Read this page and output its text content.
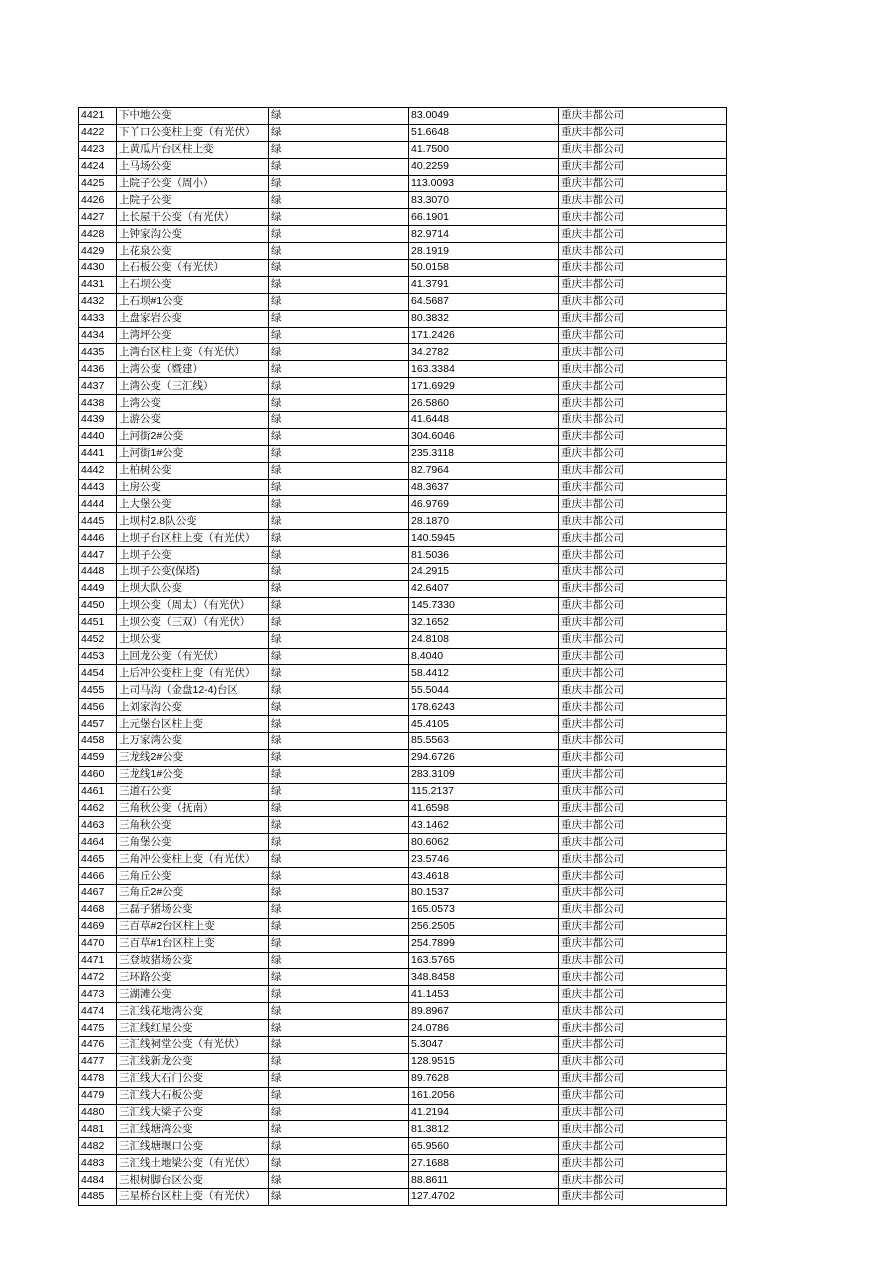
4421	下中地公变	绿	83.0049	重庆丰都公司
4422	下丫口公变柱上变（有光伏）	绿	51.6648	重庆丰都公司
4423	上黄瓜片台区柱上变	绿	41.7500	重庆丰都公司
4424	上马场公变	绿	40.2259	重庆丰都公司
4425	上院子公变（周小）	绿	113.0093	重庆丰都公司
4426	上院子公变	绿	83.3070	重庆丰都公司
4427	上长屋干公变（有光伏）	绿	66.1901	重庆丰都公司
4428	上钟家沟公变	绿	82.9714	重庆丰都公司
4429	上花泉公变	绿	28.1919	重庆丰都公司
4430	上石板公变（有光伏）	绿	50.0158	重庆丰都公司
4431	上石坝公变	绿	41.3791	重庆丰都公司
4432	上石坝#1公变	绿	64.5687	重庆丰都公司
4433	上盘家岩公变	绿	80.3832	重庆丰都公司
4434	上湾坪公变	绿	171.2426	重庆丰都公司
4435	上湾台区柱上变（有光伏）	绿	34.2782	重庆丰都公司
4436	上湾公变（暨建）	绿	163.3384	重庆丰都公司
4437	上湾公变（三汇线）	绿	171.6929	重庆丰都公司
4438	上湾公变	绿	26.5860	重庆丰都公司
4439	上游公变	绿	41.6448	重庆丰都公司
4440	上河街2#公变	绿	304.6046	重庆丰都公司
4441	上河街1#公变	绿	235.3118	重庆丰都公司
4442	上柏树公变	绿	82.7964	重庆丰都公司
4443	上房公变	绿	48.3637	重庆丰都公司
4444	上大堡公变	绿	46.9769	重庆丰都公司
4445	上坝村2.8队公变	绿	28.1870	重庆丰都公司
4446	上坝子台区柱上变（有光伏）	绿	140.5945	重庆丰都公司
4447	上坝子公变	绿	81.5036	重庆丰都公司
4448	上坝子公变(保塔)	绿	24.2915	重庆丰都公司
4449	上坝大队公变	绿	42.6407	重庆丰都公司
4450	上坝公变（周太）（有光伏）	绿	145.7330	重庆丰都公司
4451	上坝公变（三双）（有光伏）	绿	32.1652	重庆丰都公司
4452	上坝公变	绿	24.8108	重庆丰都公司
4453	上回龙公变（有光伏）	绿	8.4040	重庆丰都公司
4454	上后冲公变柱上变（有光伏）	绿	58.4412	重庆丰都公司
4455	上司马沟（金盘12-4)台区	绿	55.5044	重庆丰都公司
4456	上刘家沟公变	绿	178.6243	重庆丰都公司
4457	上元堡台区柱上变	绿	45.4105	重庆丰都公司
4458	上万家湾公变	绿	85.5563	重庆丰都公司
4459	三龙线2#公变	绿	294.6726	重庆丰都公司
4460	三龙线1#公变	绿	283.3109	重庆丰都公司
4461	三道石公变	绿	115.2137	重庆丰都公司
4462	三角秋公变（抚南）	绿	41.6598	重庆丰都公司
4463	三角秋公变	绿	43.1462	重庆丰都公司
4464	三角堡公变	绿	80.6062	重庆丰都公司
4465	三角冲公变柱上变（有光伏）	绿	23.5746	重庆丰都公司
4466	三角丘公变	绿	43.4618	重庆丰都公司
4467	三角丘2#公变	绿	80.1537	重庆丰都公司
4468	三磊子猪场公变	绿	165.0573	重庆丰都公司
4469	三百草#2台区柱上变	绿	256.2505	重庆丰都公司
4470	三百草#1台区柱上变	绿	254.7899	重庆丰都公司
4471	三登坡猪场公变	绿	163.5765	重庆丰都公司
4472	三环路公变	绿	348.8458	重庆丰都公司
4473	三湖滩公变	绿	41.1453	重庆丰都公司
4474	三汇线花地湾公变	绿	89.8967	重庆丰都公司
4475	三汇线红星公变	绿	24.0786	重庆丰都公司
4476	三汇线祠堂公变（有光伏）	绿	5.3047	重庆丰都公司
4477	三汇线新龙公变	绿	128.9515	重庆丰都公司
4478	三汇线大石门公变	绿	89.7628	重庆丰都公司
4479	三汇线大石板公变	绿	161.2056	重庆丰都公司
4480	三汇线大梁子公变	绿	41.2194	重庆丰都公司
4481	三汇线塘湾公变	绿	81.3812	重庆丰都公司
4482	三汇线塘堰口公变	绿	65.9560	重庆丰都公司
4483	三汇线土地梁公变（有光伏）	绿	27.1688	重庆丰都公司
4484	三根树脚台区公变	绿	88.8611	重庆丰都公司
4485	三星桥台区柱上变（有光伏）	绿	127.4702	重庆丰都公司
